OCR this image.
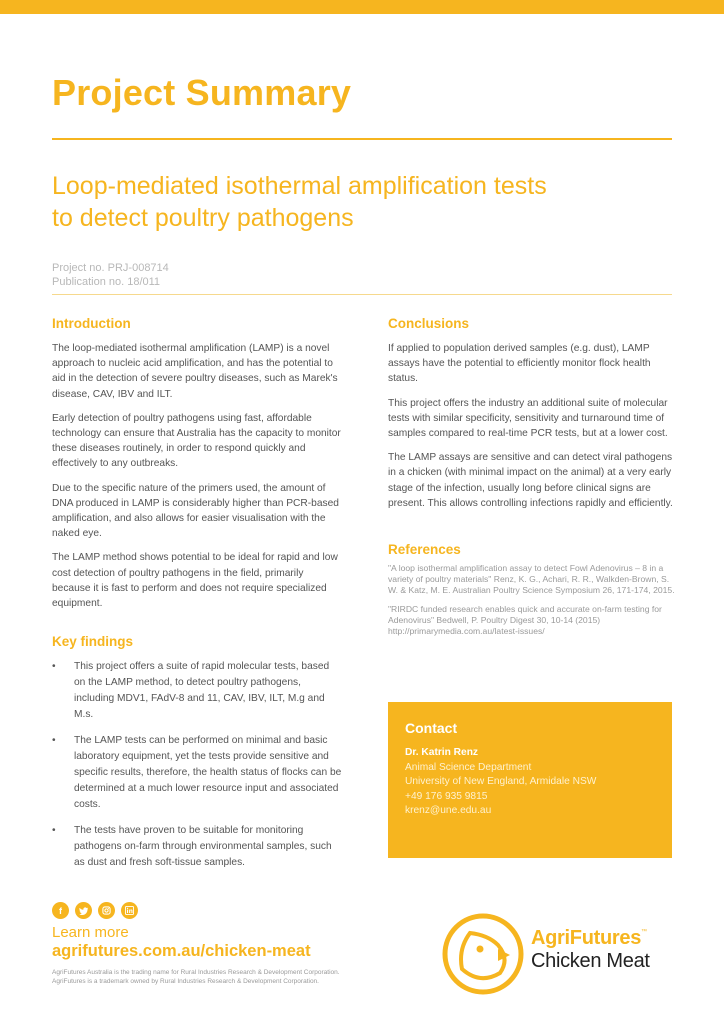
Project Summary
Loop-mediated isothermal amplification tests
to detect poultry pathogens
Project no. PRJ-008714
Publication no. 18/011
Introduction

The loop-mediated isothermal amplification (LAMP) is a novel approach to nucleic acid amplification, and has the potential to aid in the detection of severe poultry diseases, such as Marek's disease, CAV, IBV and ILT.

Early detection of poultry pathogens using fast, affordable technology can ensure that Australia has the capacity to monitor these diseases routinely, in order to respond quickly and effectively to any outbreaks.

Due to the specific nature of the primers used, the amount of DNA produced in LAMP is considerably higher than PCR-based amplification, and also allows for easier visualisation with the naked eye.

The LAMP method shows potential to be ideal for rapid and low cost detection of poultry pathogens in the field, primarily because it is fast to perform and does not require specialized equipment.

Key findings
• This project offers a suite of rapid molecular tests, based on the LAMP method, to detect poultry pathogens, including MDV1, FAdV-8 and 11, CAV, IBV, ILT, M.g and M.s.
• The LAMP tests can be performed on minimal and basic laboratory equipment, yet the tests provide sensitive and specific results, therefore, the health status of flocks can be determined at a much lower resource input and associated costs.
• The tests have proven to be suitable for monitoring pathogens on-farm through environmental samples, such as dust and fresh soft-tissue samples.
Conclusions

If applied to population derived samples (e.g. dust), LAMP assays have the potential to efficiently monitor flock health status.

This project offers the industry an additional suite of molecular tests with similar specificity, sensitivity and turnaround time of samples compared to real-time PCR tests, but at a lower cost.

The LAMP assays are sensitive and can detect viral pathogens in a chicken (with minimal impact on the animal) at a very early stage of the infection, usually long before clinical signs are present. This allows controlling infections rapidly and efficiently.

References

"A loop isothermal amplification assay to detect Fowl Adenovirus – 8 in a variety of poultry materials" Renz, K. G., Achari, R. R., Walkden-Brown, S. W. & Katz, M. E. Australian Poultry Science Symposium 26, 171-174, 2015.

"RIRDC funded research enables quick and accurate on-farm testing for Adenovirus" Bedwell, P. Poultry Digest 30, 10-14 (2015) http://primarymedia.com.au/latest-issues/

Contact
Dr. Katrin Renz
Animal Science Department
University of New England, Armidale NSW
+49 176 935 9815
krenz@une.edu.au
f
Learn more
agrifutures.com.au/chicken-meat
AgriFutures Australia is the trading name for Rural Industries Research & Development Corporation.
AgriFutures is a trademark owned by Rural Industries Research & Development Corporation.
AgriFutures™
Chicken Meat
